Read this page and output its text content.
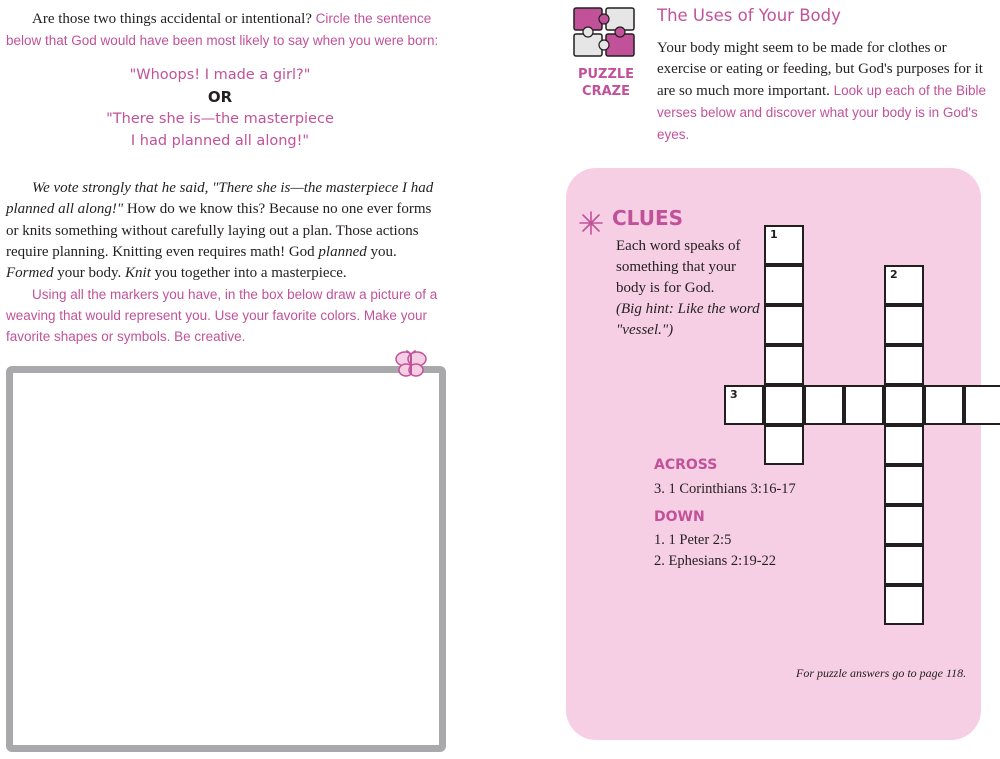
Are those two things accidental or intentional? Circle the sentence below that God would have been most likely to say when you were born:

"Whoops! I made a girl?"
OR
"There she is—the masterpiece
I had planned all along!"

We vote strongly that he said, "There she is—the masterpiece I had planned all along!" How do we know this? Because no one ever forms or knits something without carefully laying out a plan. Those actions require planning. Knitting even requires math! God planned you. Formed your body. Knit you together into a masterpiece.

Using all the markers you have, in the box below draw a picture of a weaving that would represent you. Use your favorite colors. Make your favorite shapes or symbols. Be creative.

PUZZLE
CRAZE
The Uses of Your Body

Your body might seem to be made for clothes or exercise or eating or feeding, but God's purposes for it are so much more important. Look up each of the Bible verses below and discover what your body is in God's eyes.

CLUES
Each word speaks of something that your body is for God.
(Big hint: Like the word "vessel.")
1
2
3
ACROSS
3. 1 Corinthians 3:16-17
DOWN
1. 1 Peter 2:5
2. Ephesians 2:19-22
For puzzle answers go to page 118.
